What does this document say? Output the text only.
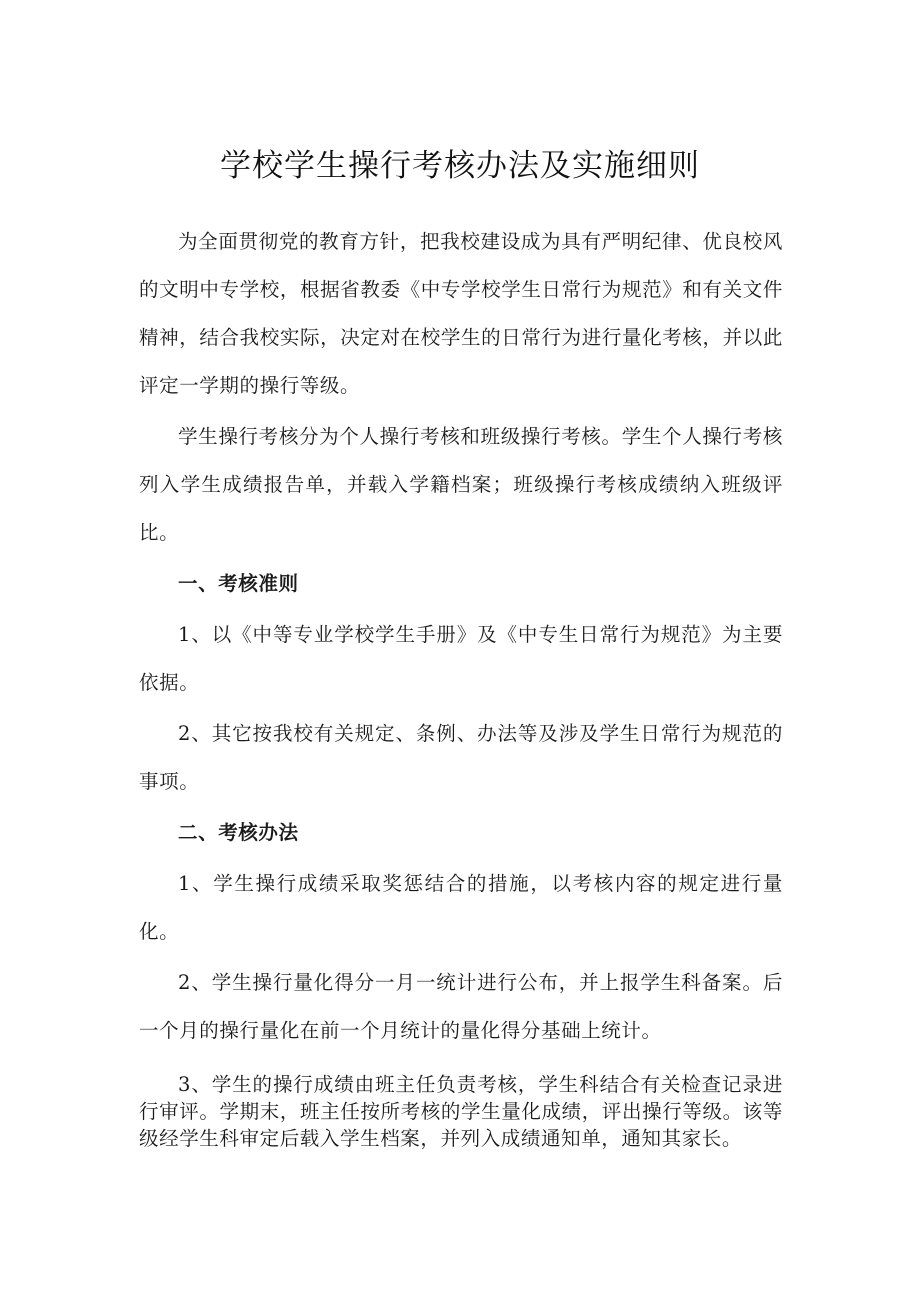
学校学生操行考核办法及实施细则

为全面贯彻党的教育方针，把我校建设成为具有严明纪律、优良校风的文明中专学校，根据省教委《中专学校学生日常行为规范》和有关文件精神，结合我校实际，决定对在校学生的日常行为进行量化考核，并以此评定一学期的操行等级。

学生操行考核分为个人操行考核和班级操行考核。学生个人操行考核列入学生成绩报告单，并载入学籍档案；班级操行考核成绩纳入班级评比。

一、考核准则

1、以《中等专业学校学生手册》及《中专生日常行为规范》为主要依据。

2、其它按我校有关规定、条例、办法等及涉及学生日常行为规范的事项。

二、考核办法

1、学生操行成绩采取奖惩结合的措施，以考核内容的规定进行量化。

2、学生操行量化得分一月一统计进行公布，并上报学生科备案。后一个月的操行量化在前一个月统计的量化得分基础上统计。

3、学生的操行成绩由班主任负责考核，学生科结合有关检查记录进行审评。学期末，班主任按所考核的学生量化成绩，评出操行等级。该等级经学生科审定后载入学生档案，并列入成绩通知单，通知其家长。
